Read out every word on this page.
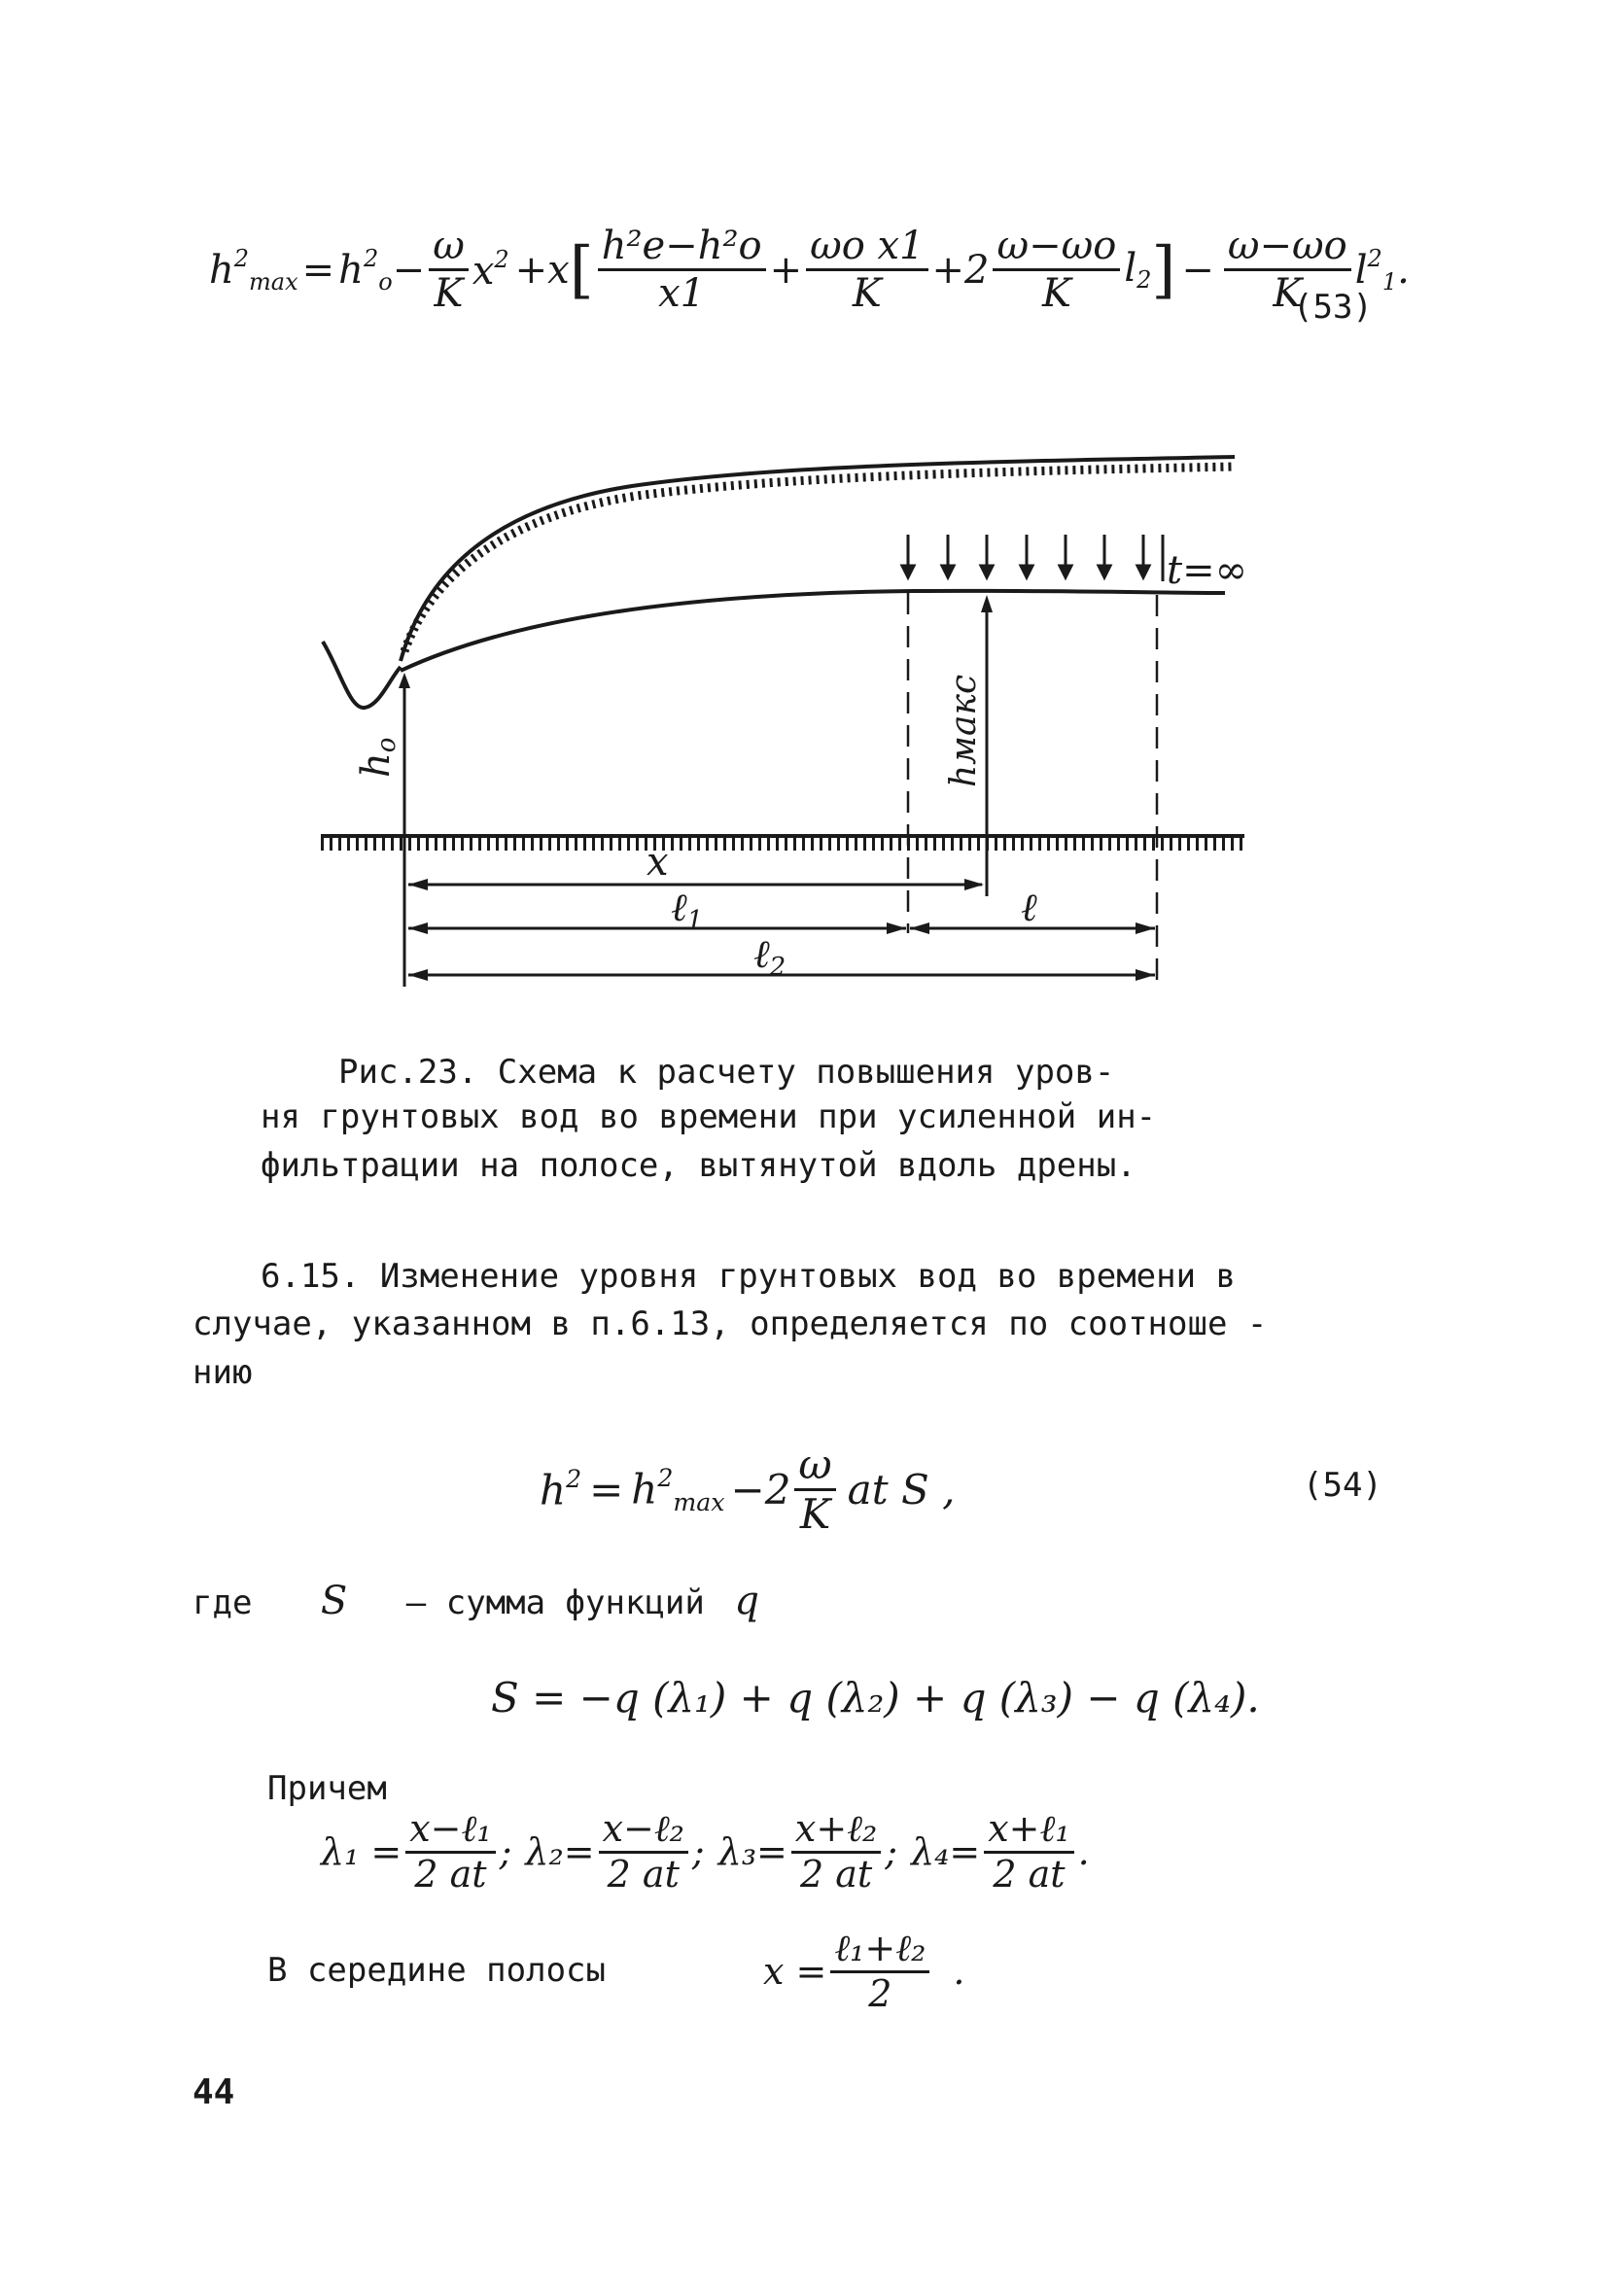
$h^2_{max} = h^2_o - \frac{\omega}{K} x^2 +x$ [ $\frac{\text{h²e−h²o}}{x1} + \frac{\text{ωo x1}}{K} +2 \frac{\omega-\omega o}{K} l_2$ ] − $\frac{\omega-\omega o}{K} l^2_1$ .
(53)
t=∞
x
ℓ$_1$	ℓ
ℓ$_2$
ho	hмакс
Рис.23. Схема к расчету повышения уров-
ня грунтовых вод во времени при усиленной ин-
фильтрации на полосе, вытянутой вдоль дрены.
6.15. Изменение уровня грунтовых вод во времени в
случае, указанном в п.6.13, определяется по соотноше -
нию
$h^2 = h^2_{max} -2 \frac{\omega}{K}$ at S ,	(54)
где S – сумма функций q
S = −q (λ₁) + q (λ₂) + q (λ₃) − q (λ₄).
Причем
$\lambda_1 = \frac{\text{x−ℓ₁}}{2 at}$ ; $\lambda_2= \frac{\text{x−ℓ₂}}{2 at}$ ; $\lambda_3= \frac{\text{x+ℓ₂}}{2 at}$ ; $\lambda_4= \frac{\text{x+ℓ₁}}{2 at}$ .
В середине полосы	$x = \frac{\text{ℓ₁+ℓ₂}}{2}$ .
44
